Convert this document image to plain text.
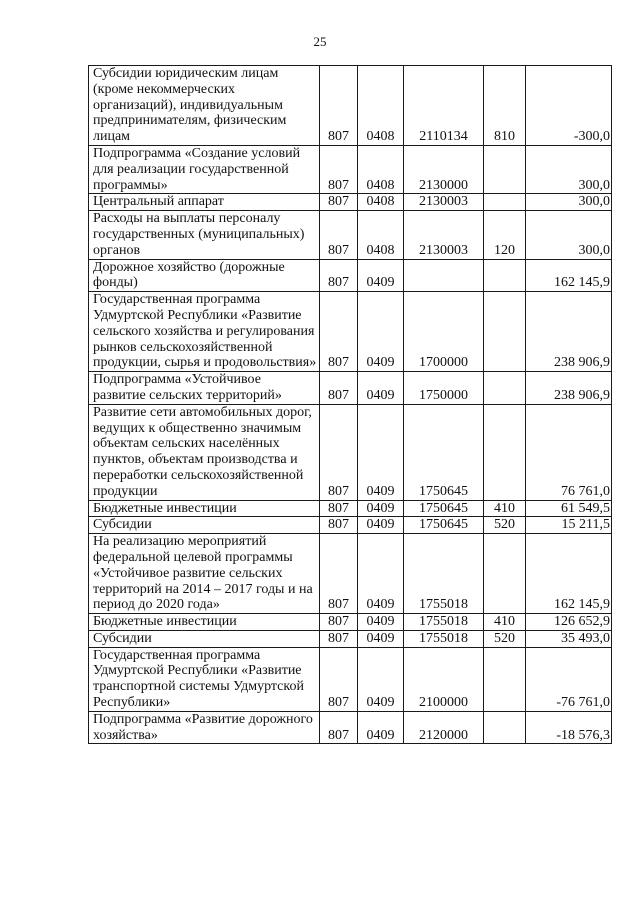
25
Субсидии юридическим лицам (кроме некоммерческих организаций), индивидуальным предпринимателям, физическим лицам	807	0408	2110134	810	-300,0
Подпрограмма «Создание условий для реализации государственной программы»	807	0408	2130000		300,0
Центральный аппарат	807	0408	2130003		300,0
Расходы на выплаты персоналу государственных (муниципальных) органов	807	0408	2130003	120	300,0
Дорожное хозяйство (дорожные фонды)	807	0409			162 145,9
Государственная программа Удмуртской Республики «Развитие сельского хозяйства и регулирования рынков сельскохозяйственной продукции, сырья и продовольствия»	807	0409	1700000		238 906,9
Подпрограмма «Устойчивое развитие сельских территорий»	807	0409	1750000		238 906,9
Развитие сети автомобильных дорог, ведущих к общественно значимым объектам сельских населённых пунктов, объектам производства и переработки сельскохозяйственной продукции	807	0409	1750645		76 761,0
Бюджетные инвестиции	807	0409	1750645	410	61 549,5
Субсидии	807	0409	1750645	520	15 211,5
На реализацию мероприятий федеральной целевой программы «Устойчивое развитие сельских территорий на 2014 – 2017 годы и на период до 2020 года»	807	0409	1755018		162 145,9
Бюджетные инвестиции	807	0409	1755018	410	126 652,9
Субсидии	807	0409	1755018	520	35 493,0
Государственная программа Удмуртской Республики «Развитие транспортной системы Удмуртской Республики»	807	0409	2100000		-76 761,0
Подпрограмма «Развитие дорожного хозяйства»	807	0409	2120000		-18 576,3
